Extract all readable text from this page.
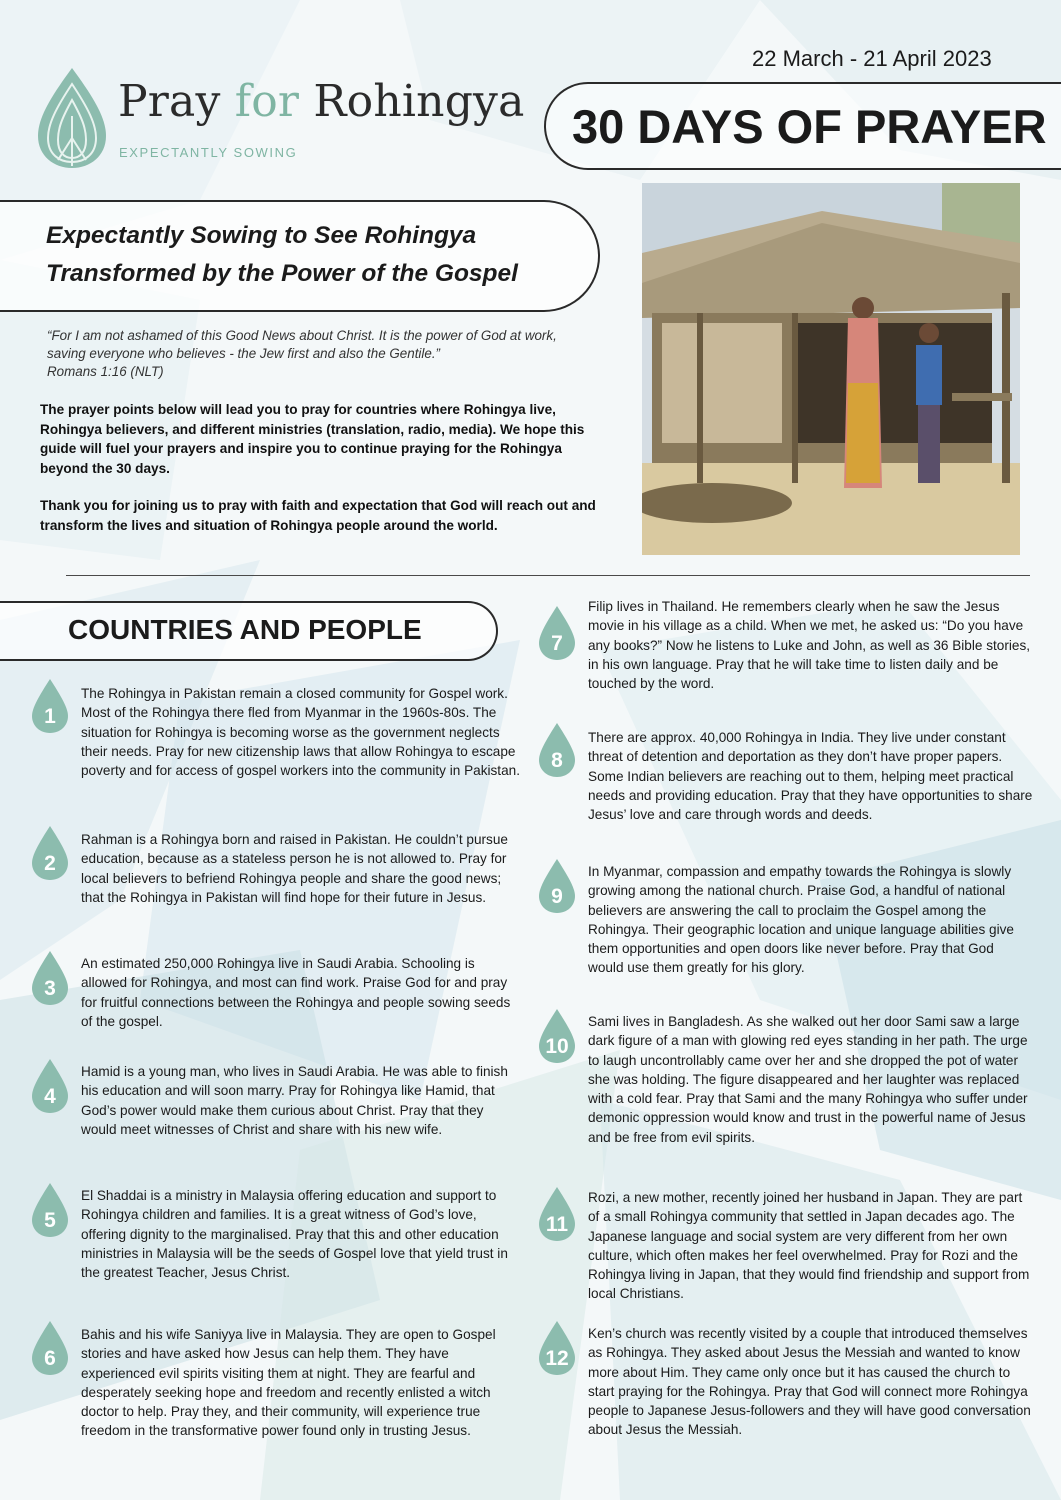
Pray for Rohingya
EXPECTANTLY SOWING
22 March - 21 April 2023
30 DAYS OF PRAYER
Expectantly Sowing to See Rohingya
Transformed by the Power of the Gospel
“For I am not ashamed of this Good News about Christ. It is the power of God at work, saving everyone who believes - the Jew first and also the Gentile.”
Romans 1:16 (NLT)
The prayer points below will lead you to pray for countries where Rohingya live, Rohingya believers, and different ministries (translation, radio, media). We hope this guide will fuel your prayers and inspire you to continue praying for the Rohingya beyond the 30 days.
Thank you for joining us to pray with faith and expectation that God will reach out and transform the lives and situation of Rohingya people around the world.
COUNTRIES AND PEOPLE
1
The Rohingya in Pakistan remain a closed community for Gospel work. Most of the Rohingya there fled from Myanmar in the 1960s-80s. The situation for Rohingya is becoming worse as the government neglects their needs. Pray for new citizenship laws that allow Rohingya to escape poverty and for access of gospel workers into the community in Pakistan.
2
Rahman is a Rohingya born and raised in Pakistan. He couldn’t pursue education, because as a stateless person he is not allowed to. Pray for local believers to befriend Rohingya people and share the good news; that the Rohingya in Pakistan will find hope for their future in Jesus.
3
An estimated 250,000 Rohingya live in Saudi Arabia. Schooling is allowed for Rohingya, and most can find work. Praise God for and pray for fruitful connections between the Rohingya and people sowing seeds of the gospel.
4
Hamid is a young man, who lives in Saudi Arabia. He was able to finish his education and will soon marry. Pray for Rohingya like Hamid, that God’s power would make them curious about Christ. Pray that they would meet witnesses of Christ and share with his new wife.
5
El Shaddai is a ministry in Malaysia offering education and support to Rohingya children and families. It is a great witness of God’s love, offering dignity to the marginalised. Pray that this and other education ministries in Malaysia will be the seeds of Gospel love that yield trust in the greatest Teacher, Jesus Christ.
6
Bahis and his wife Saniyya live in Malaysia. They are open to Gospel stories and have asked how Jesus can help them. They have experienced evil spirits visiting them at night. They are fearful and desperately seeking hope and freedom and recently enlisted a witch doctor to help. Pray they, and their community, will experience true freedom in the transformative power found only in trusting Jesus.
7
Filip lives in Thailand. He remembers clearly when he saw the Jesus movie in his village as a child. When we met, he asked us: “Do you have any books?” Now he listens to Luke and John, as well as 36 Bible stories, in his own language. Pray that he will take time to listen daily and be touched by the word.
8
There are approx. 40,000 Rohingya in India. They live under constant threat of detention and deportation as they don’t have proper papers. Some Indian believers are reaching out to them, helping meet practical needs and providing education. Pray that they have opportunities to share Jesus’ love and care through words and deeds.
9
In Myanmar, compassion and empathy towards the Rohingya is slowly growing among the national church. Praise God, a handful of national believers are answering the call to proclaim the Gospel among the Rohingya. Their geographic location and unique language abilities give them opportunities and open doors like never before. Pray that God would use them greatly for his glory.
10
Sami lives in Bangladesh. As she walked out her door Sami saw a large dark figure of a man with glowing red eyes standing in her path. The urge to laugh uncontrollably came over her and she dropped the pot of water she was holding. The figure disappeared and her laughter was replaced with a cold fear. Pray that Sami and the many Rohingya who suffer under demonic oppression would know and trust in the powerful name of Jesus and be free from evil spirits.
11
Rozi, a new mother, recently joined her husband in Japan. They are part of a small Rohingya community that settled in Japan decades ago. The Japanese language and social system are very different from her own culture, which often makes her feel overwhelmed. Pray for Rozi and the Rohingya living in Japan, that they would find friendship and support from local Christians.
12
Ken’s church was recently visited by a couple that introduced themselves as Rohingya. They asked about Jesus the Messiah and wanted to know more about Him. They came only once but it has caused the church to start praying for the Rohingya. Pray that God will connect more Rohingya people to Japanese Jesus-followers and they will have good conversation about Jesus the Messiah.
